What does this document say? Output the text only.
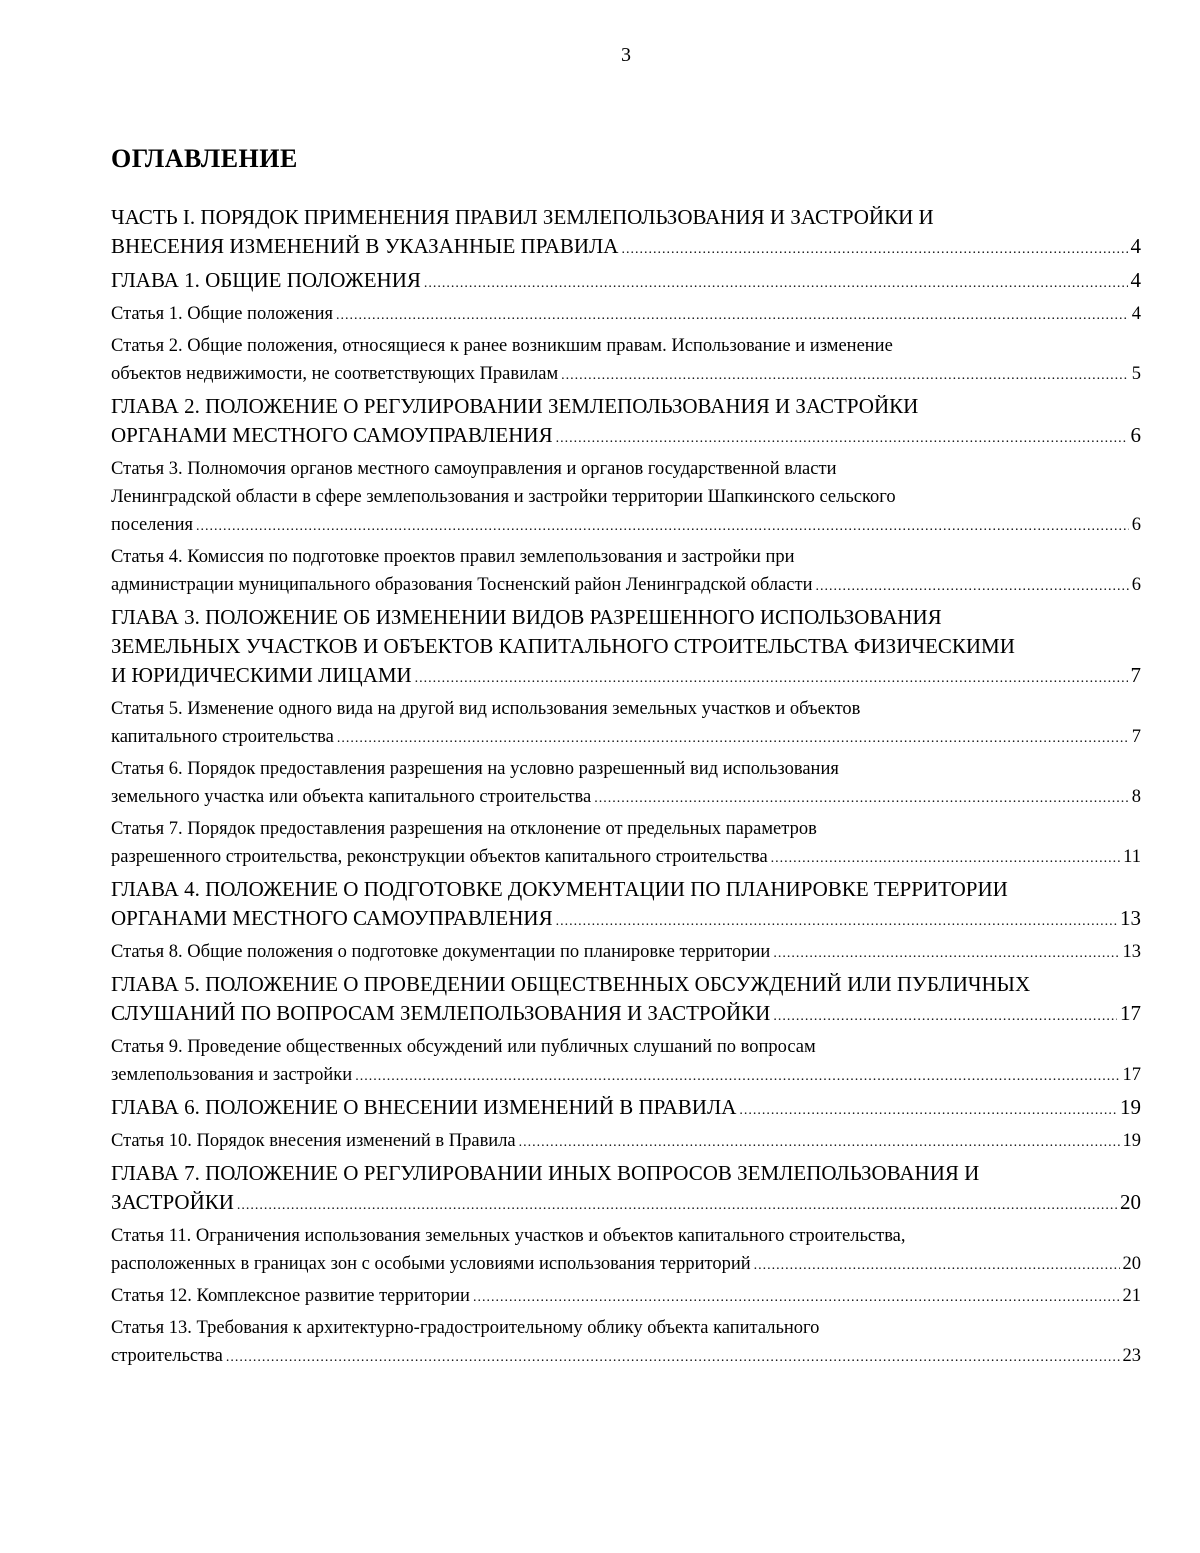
3
ОГЛАВЛЕНИЕ
ЧАСТЬ I. ПОРЯДОК ПРИМЕНЕНИЯ ПРАВИЛ ЗЕМЛЕПОЛЬЗОВАНИЯ И ЗАСТРОЙКИ И
ВНЕСЕНИЯ ИЗМЕНЕНИЙ В УКАЗАННЫЕ ПРАВИЛА .....	4
ГЛАВА 1. ОБЩИЕ ПОЛОЖЕНИЯ .....	4
Статья 1. Общие положения .....	4
Статья 2. Общие положения, относящиеся к ранее возникшим правам. Использование и изменение
объектов недвижимости, не соответствующих Правилам .....	5
ГЛАВА 2. ПОЛОЖЕНИЕ О РЕГУЛИРОВАНИИ ЗЕМЛЕПОЛЬЗОВАНИЯ И ЗАСТРОЙКИ
ОРГАНАМИ МЕСТНОГО САМОУПРАВЛЕНИЯ .....	6
Статья 3. Полномочия органов местного самоуправления и органов государственной власти
Ленинградской области в сфере землепользования и застройки территории Шапкинского сельского
поселения .....	6
Статья 4. Комиссия по подготовке проектов правил землепользования и застройки при
администрации муниципального образования Тосненский район Ленинградской области .....	6
ГЛАВА 3. ПОЛОЖЕНИЕ ОБ ИЗМЕНЕНИИ ВИДОВ РАЗРЕШЕННОГО ИСПОЛЬЗОВАНИЯ
ЗЕМЕЛЬНЫХ УЧАСТКОВ И ОБЪЕКТОВ КАПИТАЛЬНОГО СТРОИТЕЛЬСТВА ФИЗИЧЕСКИМИ
И ЮРИДИЧЕСКИМИ ЛИЦАМИ .....	7
Статья 5. Изменение одного вида на другой вид использования земельных участков и объектов
капитального строительства .....	7
Статья 6. Порядок предоставления разрешения на условно разрешенный вид использования
земельного участка или объекта капитального строительства .....	8
Статья 7. Порядок предоставления разрешения на отклонение от предельных параметров
разрешенного строительства, реконструкции объектов капитального строительства .....	11
ГЛАВА 4. ПОЛОЖЕНИЕ О ПОДГОТОВКЕ ДОКУМЕНТАЦИИ ПО ПЛАНИРОВКЕ ТЕРРИТОРИИ
ОРГАНАМИ МЕСТНОГО САМОУПРАВЛЕНИЯ .....	13
Статья 8. Общие положения о подготовке документации по планировке территории .....	13
ГЛАВА 5. ПОЛОЖЕНИЕ О ПРОВЕДЕНИИ ОБЩЕСТВЕННЫХ ОБСУЖДЕНИЙ ИЛИ ПУБЛИЧНЫХ
СЛУШАНИЙ ПО ВОПРОСАМ ЗЕМЛЕПОЛЬЗОВАНИЯ И ЗАСТРОЙКИ .....	17
Статья 9. Проведение общественных обсуждений или публичных слушаний по вопросам
землепользования и застройки .....	17
ГЛАВА 6. ПОЛОЖЕНИЕ О ВНЕСЕНИИ ИЗМЕНЕНИЙ В ПРАВИЛА .....	19
Статья 10. Порядок внесения изменений в Правила .....	19
ГЛАВА 7. ПОЛОЖЕНИЕ О РЕГУЛИРОВАНИИ ИНЫХ ВОПРОСОВ ЗЕМЛЕПОЛЬЗОВАНИЯ И
ЗАСТРОЙКИ .....	20
Статья 11. Ограничения использования земельных участков и объектов капитального строительства,
расположенных в границах зон с особыми условиями использования территорий .....	20
Статья 12. Комплексное развитие территории .....	21
Статья 13. Требования к архитектурно-градостроительному облику объекта капитального
строительства .....	23
